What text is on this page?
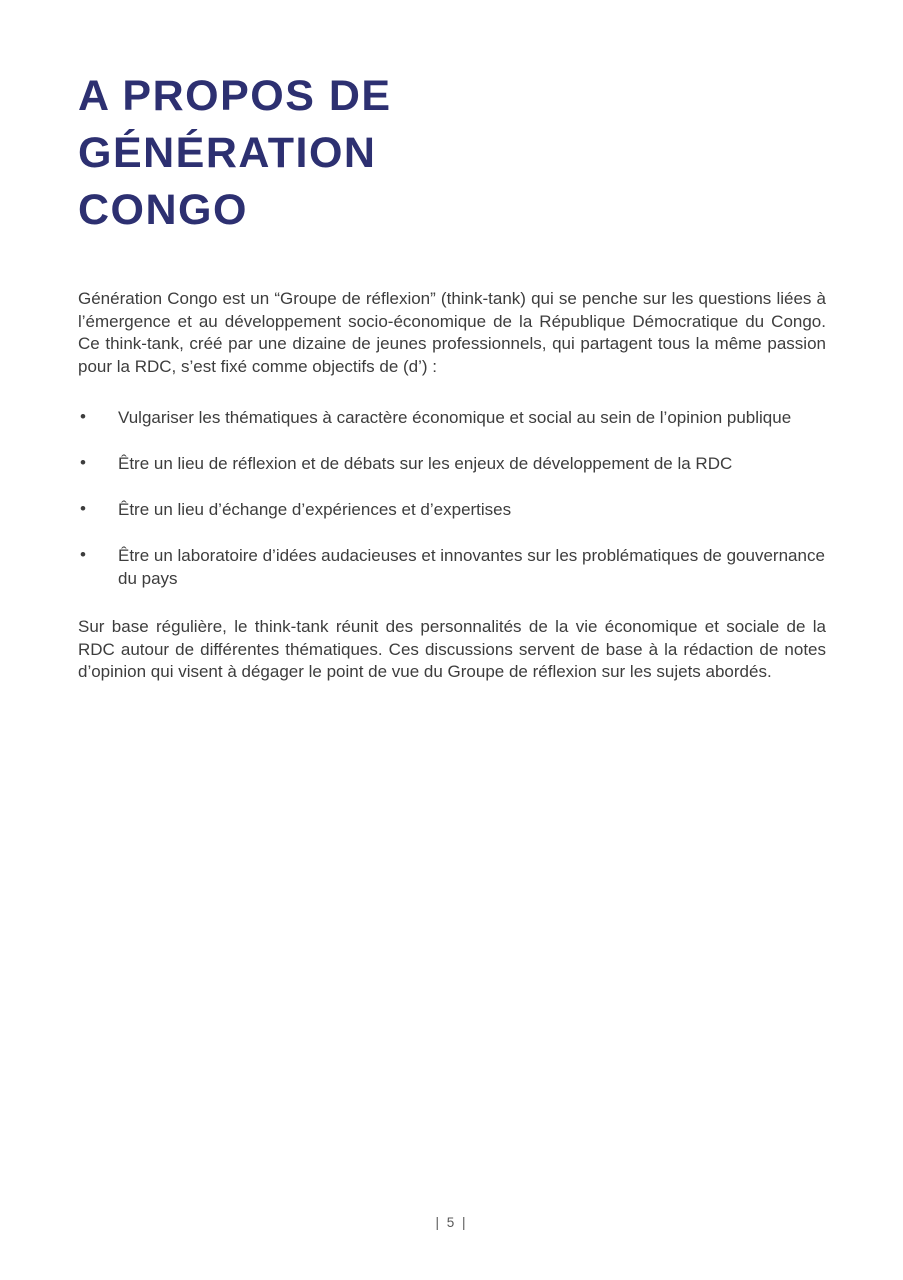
A PROPOS DE
GÉNÉRATION
CONGO

Génération Congo est un “Groupe de réflexion” (think-tank) qui se penche sur les questions liées à l’émergence et au développement socio-économique de la République Démocratique du Congo. Ce think-tank, créé par une dizaine de jeunes professionnels, qui partagent tous la même passion pour la RDC, s’est fixé comme objectifs de (d’) :

• Vulgariser les thématiques à caractère économique et social au sein de l’opinion publique
• Être un lieu de réflexion et de débats sur les enjeux de développement de la RDC
• Être un lieu d’échange d’expériences et d’expertises
• Être un laboratoire d’idées audacieuses et innovantes sur les problématiques de gouvernance du pays

Sur base régulière, le think-tank réunit des personnalités de la vie économique et sociale de la RDC autour de différentes thématiques. Ces discussions servent de base à la rédaction de notes d’opinion qui visent à dégager le point de vue du Groupe de réflexion sur les sujets abordés.

| 5 |
